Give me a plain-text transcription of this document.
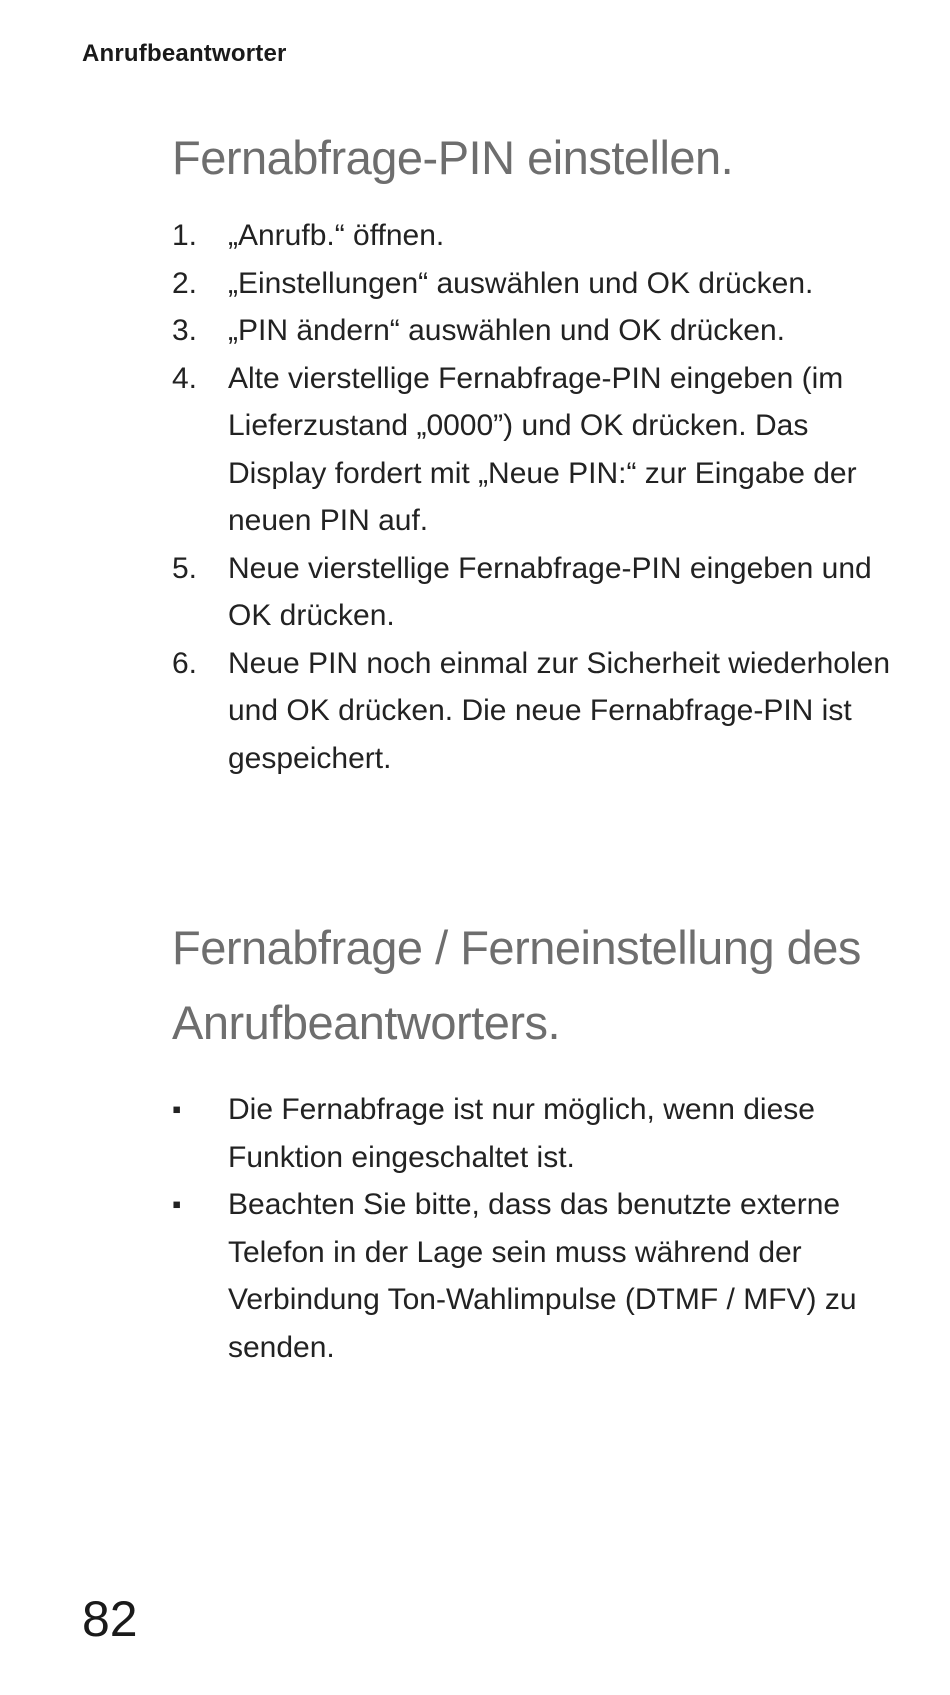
Anrufbeantworter
Fernabfrage-PIN einstellen.
1.	„Anrufb.“ öffnen.
2.	„Einstellungen“ auswählen und OK drücken.
3.	„PIN ändern“ auswählen und OK drücken.
4.	Alte vierstellige Fernabfrage-PIN eingeben (im Lieferzustand „0000”) und OK drücken. Das Display fordert mit „Neue PIN:“ zur Eingabe der neuen PIN auf.
5.	Neue vierstellige Fernabfrage-PIN eingeben und OK drücken.
6.	Neue PIN noch einmal zur Sicherheit wiederholen und OK drücken. Die neue Fernabfrage-PIN ist gespeichert.
Fernabfrage / Ferneinstellung des Anrufbeantworters.
▪	Die Fernabfrage ist nur möglich, wenn diese Funktion eingeschaltet ist.
▪	Beachten Sie bitte, dass das benutzte externe Telefon in der Lage sein muss während der Verbindung Ton-Wahlimpulse (DTMF / MFV) zu senden.
82
